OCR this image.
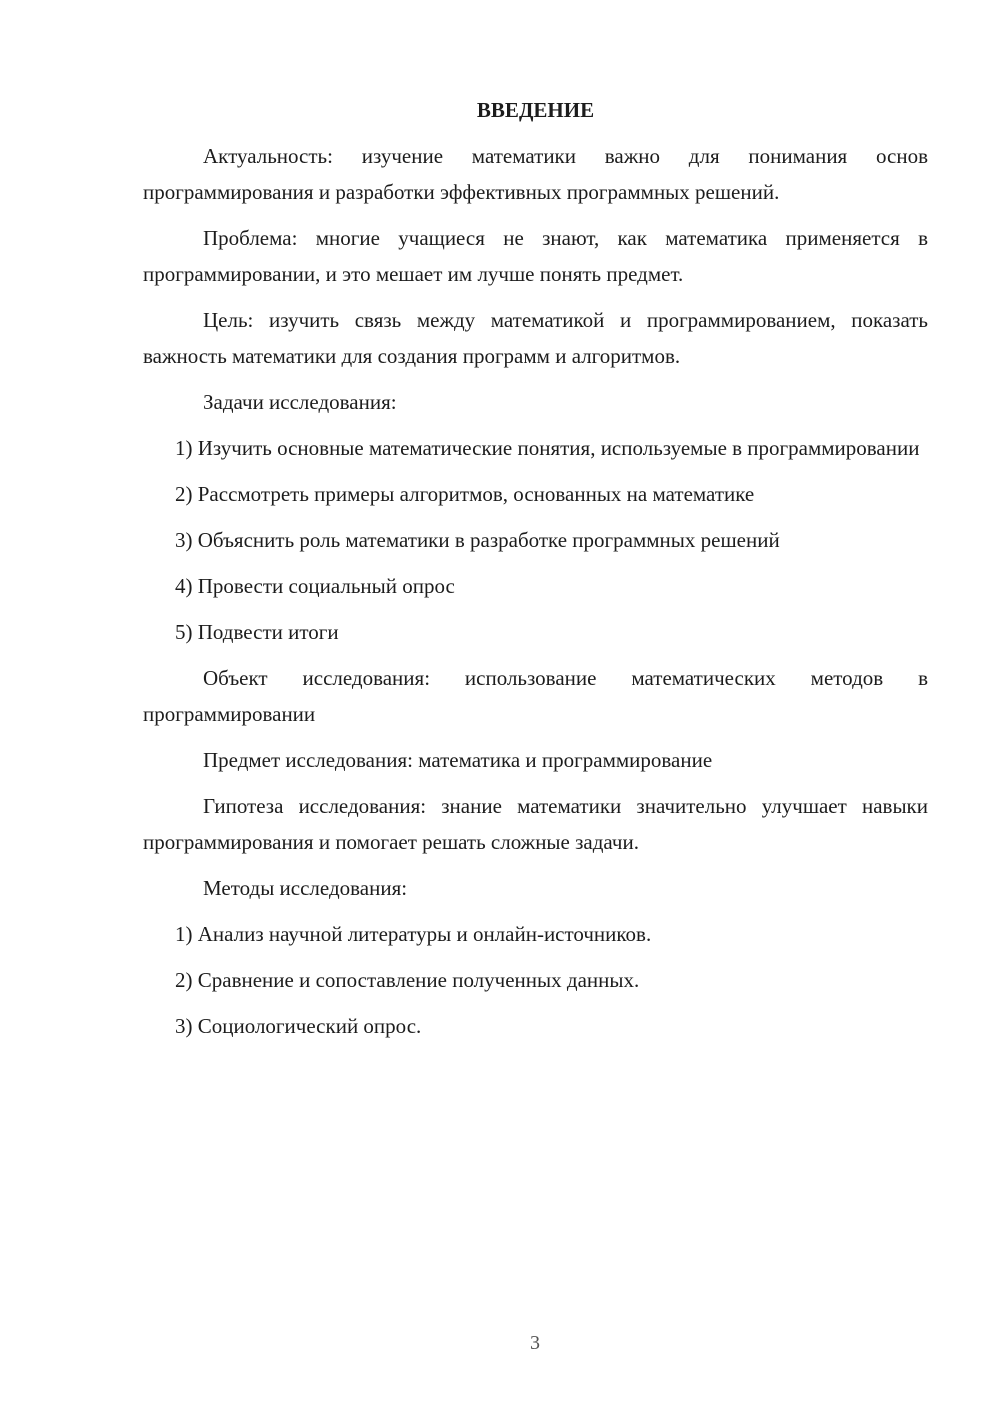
ВВЕДЕНИЕ
Актуальность: изучение математики важно для понимания основ программирования и разработки эффективных программных решений.
Проблема: многие учащиеся не знают, как математика применяется в программировании, и это мешает им лучше понять предмет.
Цель: изучить связь между математикой и программированием, показать важность математики для создания программ и алгоритмов.
Задачи исследования:
1) Изучить основные математические понятия, используемые в программировании
2) Рассмотреть примеры алгоритмов, основанных на математике
3) Объяснить роль математики в разработке программных решений
4) Провести социальный опрос
5) Подвести итоги
Объект исследования: использование математических методов в программировании
Предмет исследования: математика и программирование
Гипотеза исследования: знание математики значительно улучшает навыки программирования и помогает решать сложные задачи.
Методы исследования:
1) Анализ научной литературы и онлайн-источников.
2) Сравнение и сопоставление полученных данных.
3) Социологический опрос.
3
